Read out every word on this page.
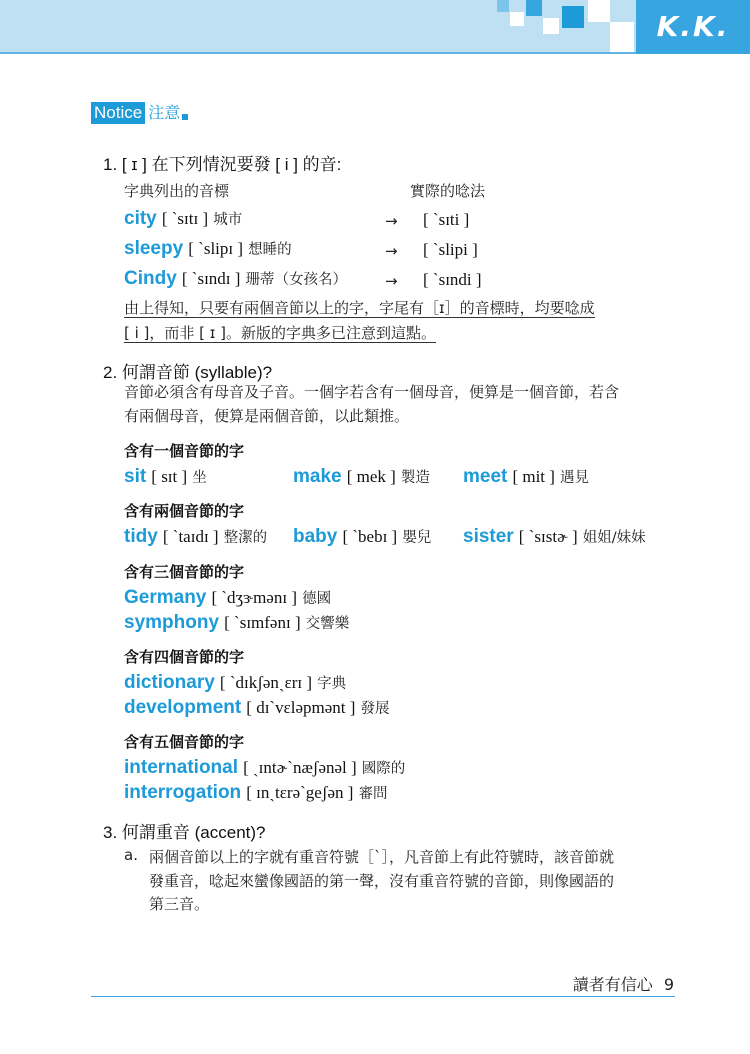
K.K.
Notice 注意
1. [ ɪ ] 在下列情況要發 [ i ] 的音:
字典列出的音標	實際的唸法
city [ ˋsɪtɪ ] 城市	→ [ ˋsɪti ]
sleepy [ ˋslipɪ ] 想睡的	→ [ ˋslipi ]
Cindy [ ˋsɪndɪ ] 珊蒂（女孩名）	→ [ ˋsɪndi ]
由上得知，只要有兩個音節以上的字，字尾有［ɪ］的音標時，均要唸成
[ i ]，而非 [ ɪ ]。新版的字典多已注意到這點。
2. 何謂音節 (syllable)?
音節必須含有母音及子音。一個字若含有一個母音，便算是一個音節，若含
有兩個母音，便算是兩個音節，以此類推。
含有一個音節的字
sit [ sɪt ] 坐	make [ mek ] 製造 meet [ mit ] 遇見
含有兩個音節的字
tidy [ ˋtaɪdɪ ] 整潔的 baby [ ˋbebɪ ] 嬰兒 sister [ ˋsɪstɚ ] 姐姐/妹妹
含有三個音節的字
Germany [ ˋdʒɝmənɪ ] 德國
symphony [ ˋsɪmfənɪ ] 交響樂
含有四個音節的字
dictionary [ ˋdɪkʃənˏɛrɪ ] 字典
development [ dɪˋvɛləpmənt ] 發展
含有五個音節的字
international [ ˏɪntɚˋnæʃənəl ] 國際的
interrogation [ ɪnˏtɛrəˋgeʃən ] 審問
3. 何謂重音 (accent)?
a. 兩個音節以上的字就有重音符號［ˋ］，凡音節上有此符號時，該音節就
發重音，唸起來蠻像國語的第一聲，沒有重音符號的音節，則像國語的
第三音。
讀者有信心 9
